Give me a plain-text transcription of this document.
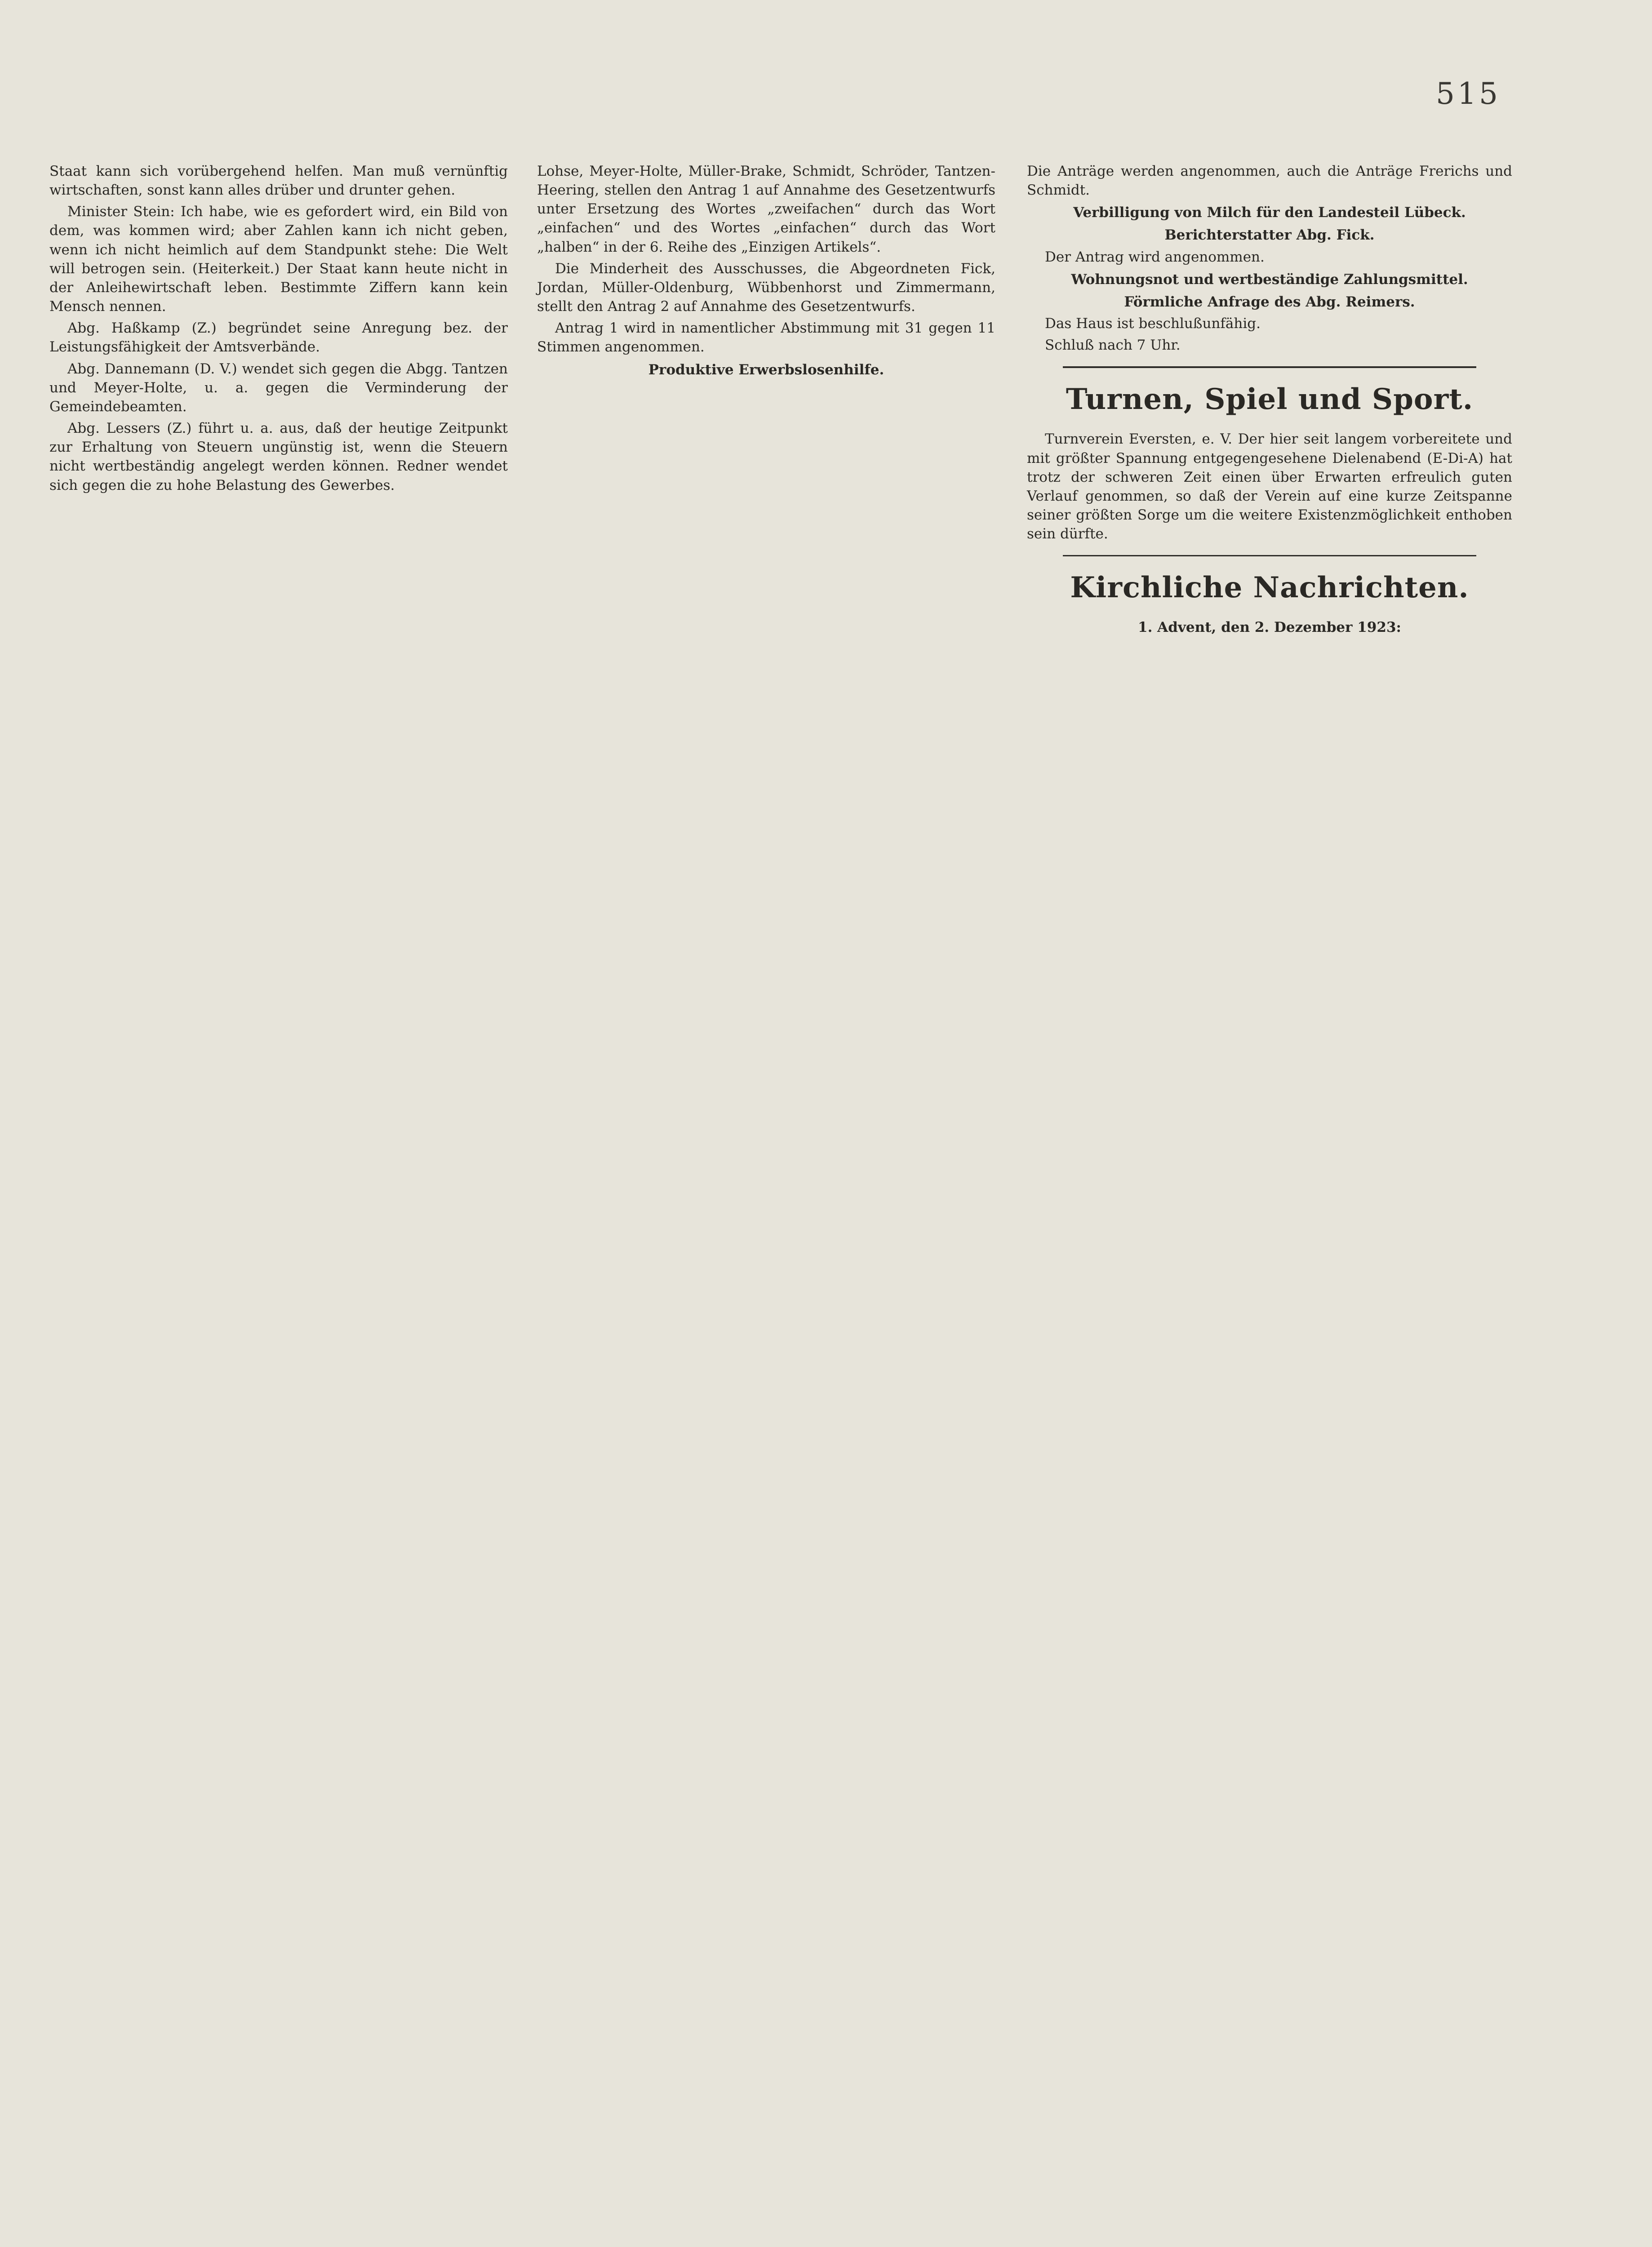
515

Staat kann sich vorübergehend helfen. Man muß vernünftig wirtschaften, sonst kann alles drüber und drunter gehen.

Minister Stein: Ich habe, wie es gefordert wird, ein Bild von dem, was kommen wird; aber Zahlen kann ich nicht geben, wenn ich nicht heimlich auf dem Standpunkt stehe: Die Welt will betrogen sein. (Heiterkeit.) Der Staat kann heute nicht in der Anleihewirtschaft leben. Bestimmte Ziffern kann kein Mensch nennen.

Abg. Haßkamp (Z.) begründet seine Anregung bez. der Leistungsfähigkeit der Amtsverbände.

Abg. Dannemann (D. V.) wendet sich gegen die Abgg. Tantzen und Meyer-Holte, u. a. gegen die Verminderung der Gemeindebeamten.

Abg. Lessers (Z.) führt u. a. aus, daß der heutige Zeitpunkt zur Erhaltung von Steuern ungünstig ist, wenn die Steuern nicht wertbeständig angelegt werden können. Redner wendet sich gegen die zu hohe Belastung des Gewerbes.

Lohse, Meyer-Holte, Müller-Brake, Schmidt, Schröder, Tantzen-Heering, stellen den Antrag 1 auf Annahme des Gesetzentwurfs unter Ersetzung des Wortes „zweifachen“ durch das Wort „einfachen“ und des Wortes „einfachen“ durch das Wort „halben“ in der 6. Reihe des „Einzigen Artikels“.

Die Minderheit des Ausschusses, die Abgeordneten Fick, Jordan, Müller-Oldenburg, Wübbenhorst und Zimmermann, stellt den Antrag 2 auf Annahme des Gesetzentwurfs.

Antrag 1 wird in namentlicher Abstimmung mit 31 gegen 11 Stimmen angenommen.

Produktive Erwerbslosenhilfe.

Die Anträge werden angenommen, auch die Anträge Frerichs und Schmidt.

Verbilligung von Milch für den Landesteil Lübeck.

Berichterstatter Abg. Fick.

Der Antrag wird angenommen.

Wohnungsnot und wertbeständige Zahlungsmittel.

Förmliche Anfrage des Abg. Reimers.

Das Haus ist beschlußunfähig.

Schluß nach 7 Uhr.

Turnen, Spiel und Sport.

Turnverein Eversten, e. V. Der hier seit langem vorbereitete und mit größter Spannung entgegengesehene Dielenabend (E-Di-A) hat trotz der schweren Zeit einen über Erwarten erfreulich guten Verlauf genommen, so daß der Verein auf eine kurze Zeitspanne seiner größten Sorge um die weitere Existenzmöglichkeit enthoben sein dürfte.

Kirchliche Nachrichten.

1. Advent, den 2. Dezember 1923:
